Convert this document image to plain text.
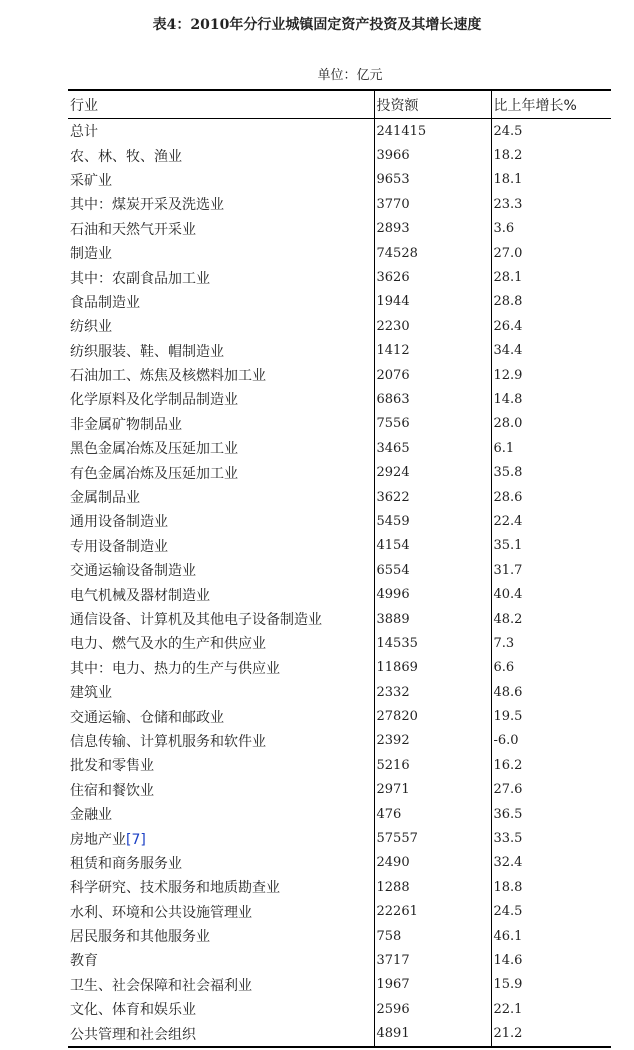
表4：2010年分行业城镇固定资产投资及其增长速度
单位：亿元
行业	投资额	比上年增长%
总计	241415	24.5
农、林、牧、渔业	3966	18.2
采矿业	9653	18.1
其中：煤炭开采及洗选业	3770	23.3
石油和天然气开采业	2893	3.6
制造业	74528	27.0
其中：农副食品加工业	3626	28.1
食品制造业	1944	28.8
纺织业	2230	26.4
纺织服装、鞋、帽制造业	1412	34.4
石油加工、炼焦及核燃料加工业	2076	12.9
化学原料及化学制品制造业	6863	14.8
非金属矿物制品业	7556	28.0
黑色金属冶炼及压延加工业	3465	6.1
有色金属冶炼及压延加工业	2924	35.8
金属制品业	3622	28.6
通用设备制造业	5459	22.4
专用设备制造业	4154	35.1
交通运输设备制造业	6554	31.7
电气机械及器材制造业	4996	40.4
通信设备、计算机及其他电子设备制造业	3889	48.2
电力、燃气及水的生产和供应业	14535	7.3
其中：电力、热力的生产与供应业	11869	6.6
建筑业	2332	48.6
交通运输、仓储和邮政业	27820	19.5
信息传输、计算机服务和软件业	2392	-6.0
批发和零售业	5216	16.2
住宿和餐饮业	2971	27.6
金融业	476	36.5
房地产业[7]	57557	33.5
租赁和商务服务业	2490	32.4
科学研究、技术服务和地质勘查业	1288	18.8
水利、环境和公共设施管理业	22261	24.5
居民服务和其他服务业	758	46.1
教育	3717	14.6
卫生、社会保障和社会福利业	1967	15.9
文化、体育和娱乐业	2596	22.1
公共管理和社会组织	4891	21.2
